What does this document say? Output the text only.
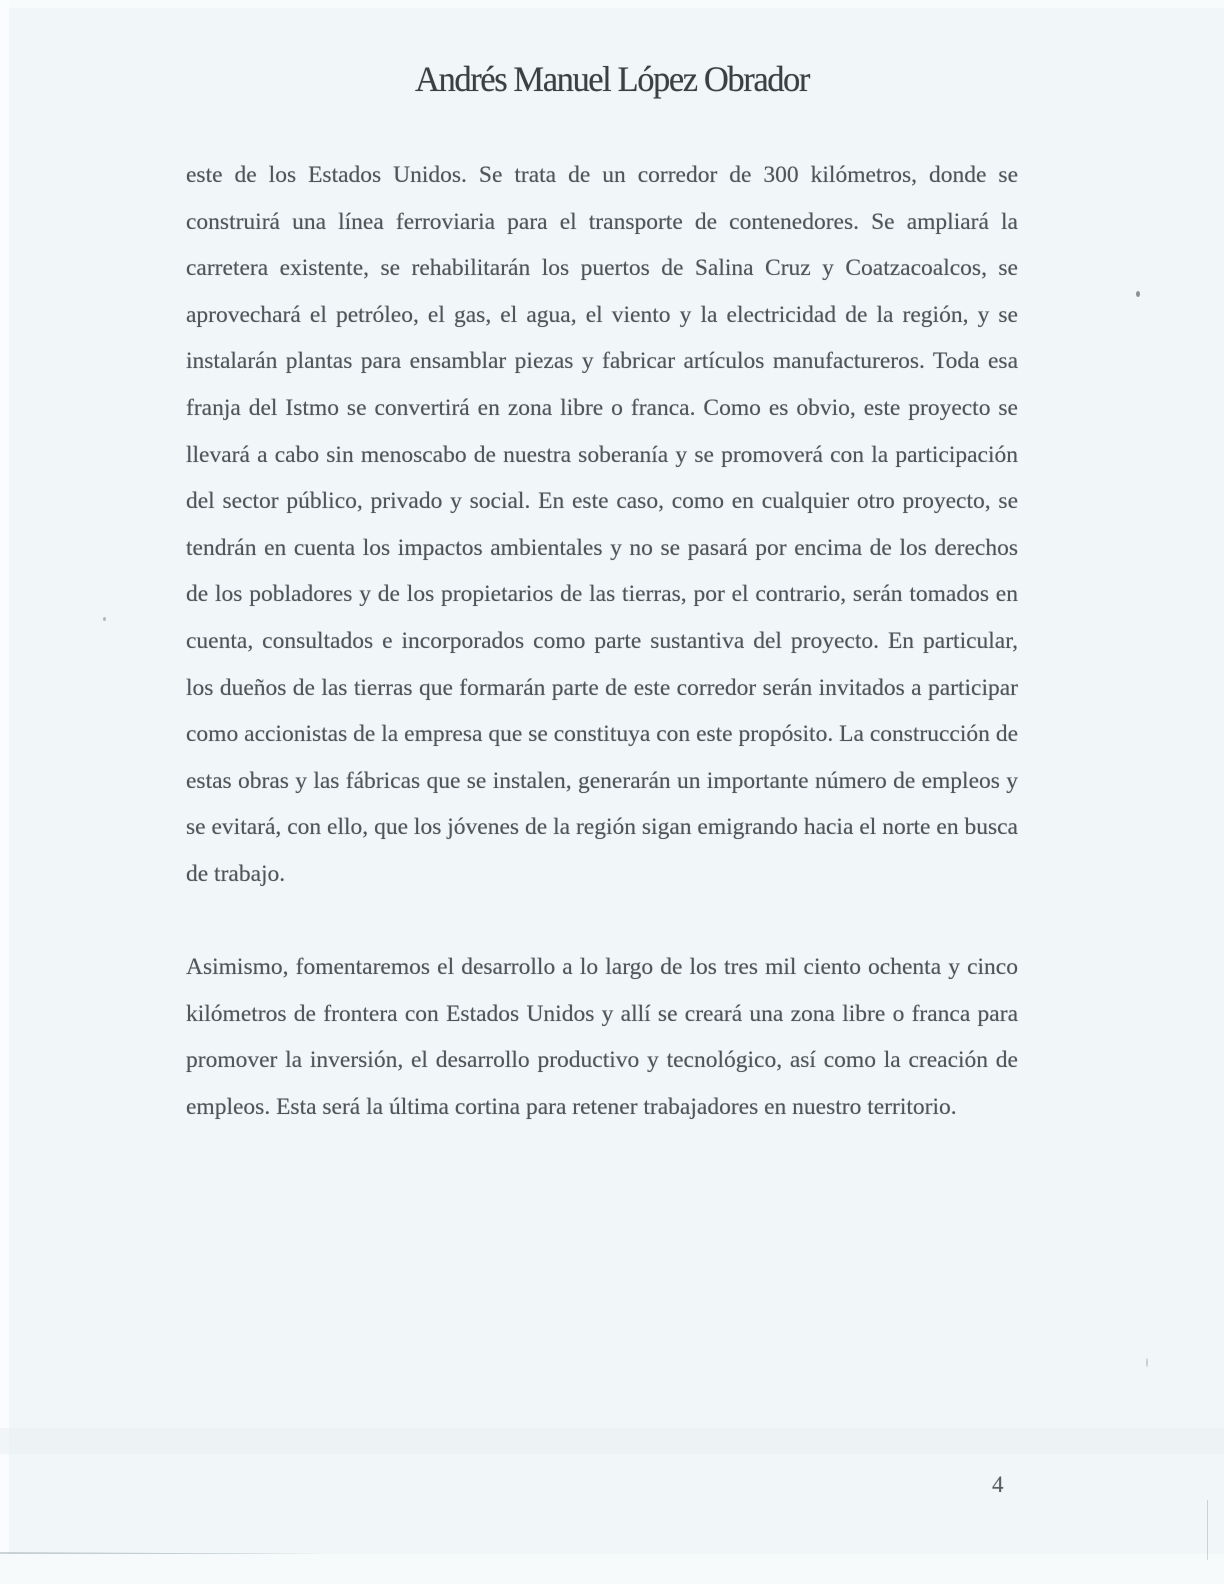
Andrés Manuel López Obrador

este de los Estados Unidos. Se trata de un corredor de 300 kilómetros, donde se construirá una línea ferroviaria para el transporte de contenedores. Se ampliará la carretera existente, se rehabilitarán los puertos de Salina Cruz y Coatzacoalcos, se aprovechará el petróleo, el gas, el agua, el viento y la electricidad de la región, y se instalarán plantas para ensamblar piezas y fabricar artículos manufactureros. Toda esa franja del Istmo se convertirá en zona libre o franca. Como es obvio, este proyecto se llevará a cabo sin menoscabo de nuestra soberanía y se promoverá con la participación del sector público, privado y social. En este caso, como en cualquier otro proyecto, se tendrán en cuenta los impactos ambientales y no se pasará por encima de los derechos de los pobladores y de los propietarios de las tierras, por el contrario, serán tomados en cuenta, consultados e incorporados como parte sustantiva del proyecto. En particular, los dueños de las tierras que formarán parte de este corredor serán invitados a participar como accionistas de la empresa que se constituya con este propósito. La construcción de estas obras y las fábricas que se instalen, generarán un importante número de empleos y se evitará, con ello, que los jóvenes de la región sigan emigrando hacia el norte en busca de trabajo.

Asimismo, fomentaremos el desarrollo a lo largo de los tres mil ciento ochenta y cinco kilómetros de frontera con Estados Unidos y allí se creará una zona libre o franca para promover la inversión, el desarrollo productivo y tecnológico, así como la creación de empleos. Esta será la última cortina para retener trabajadores en nuestro territorio.

4
